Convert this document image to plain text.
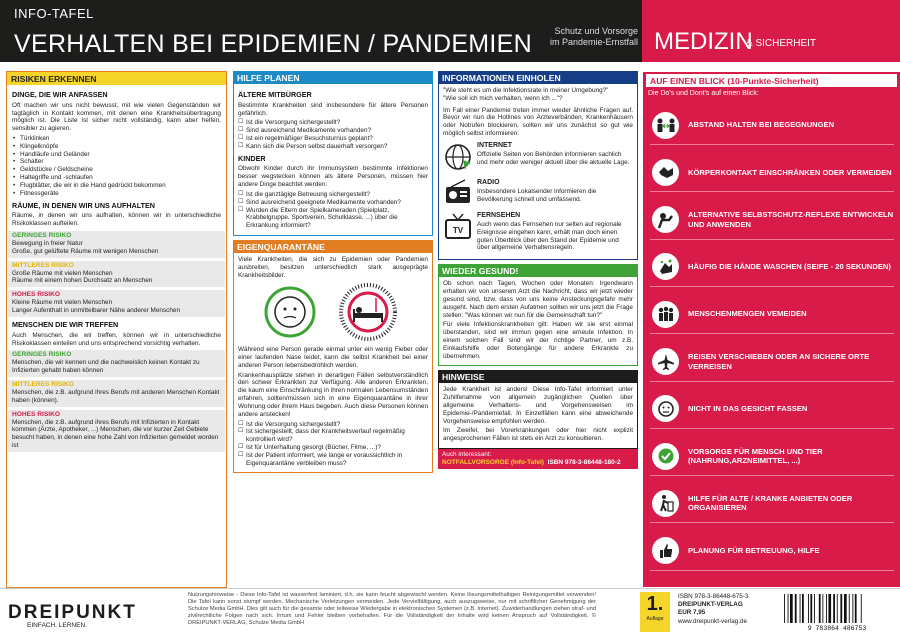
INFO-TAFEL
VERHALTEN BEI EPIDEMIEN / PANDEMIEN	Schutz und Vorsorge
im Pandemie-Ernstfall MEDIZIN
& SICHERHEIT
RISIKEN ERKENNEN
DINGE, DIE WIR ANFASSEN

Oft machen wir uns nicht bewusst, mit wie vielen Gegenständen wir tagtäglich in Kontakt kommen, mit denen eine Krankheitsübertragung möglich ist. Die Liste ist sicher nicht vollständig, kann aber helfen, sensibler zu agieren.

• Türklinken
• Klingelknöpfe
• Handläufe und Geländer
• Schalter
• Geldstücke / Geldscheine
• Haltegriffe und -schlaufen
• Flugblätter, die wir in die Hand gedrückt bekommen
• Fitnessgeräte
RÄUME, IN DENEN WIR UNS AUFHALTEN

Räume, in denen wir uns aufhalten, können wir in unterschiedliche Risikoklassen aufteilen.

GERINGES RISIKO
Bewegung in freier Natur
Große, gut gelüftete Räume mit wenigen Menschen
MITTLERES RISIKO
Große Räume mit vielen Menschen
Räume mit einem hohen Durchsatz an Menschen
HOHES RISIKO
Kleine Räume mit vielen Menschen
Langer Aufenthalt in unmittelbarer Nähe anderer Menschen
MENSCHEN DIE WIR TREFFEN

Auch Menschen, die wir treffen, können wir in unterschiedliche Risikoklassen einteilen und uns entsprechend vorsichtig verhalten.

GERINGES RISIKO
Menschen, die wir kennen und die nachweislich keinen Kontakt zu Infizierten gehabt haben können
MITTLERES RISIKO
Menschen, die z.B. aufgrund ihres Berufs mit anderen Menschen Kontakt haben (können).
HOHES RISIKO
Menschen, die z.B. aufgrund ihres Berufs mit Infizierten in Kontakt kommen (Ärzte, Apotheker, ...) Menschen, die vor kurzer Zeit Gebiete besucht haben, in denen eine hohe Zahl von Infizierten gemeldet worden ist
HILFE PLANEN
ÄLTERE MITBÜRGER

Bestimmte Krankheiten sind insbesondere für ältere Personen gefährlich.

☐ Ist die Versorgung sichergestellt?
☐ Sind ausreichend Medikamente vorhanden?
☐ Ist ein regelmäßiger Besuchsturnus geplant?
☐ Kann sich die Person selbst dauerhaft versorgen?
KINDER

Obwohl Kinder durch ihr Immunsystem bestimmte Infektionen besser wegstecken können als ältere Personen, müssen hier andere Dinge beachtet werden:

☐ Ist die ganztägige Betreuung sichergestellt?
☐ Sind ausreichend geeignete Medikamente vorhanden?
☐ Wurden die Eltern der Spielkameraden (Spielplatz, Krabbelgruppe, Sportverein, Schulklasse, ...) über die Erkrankung informiert?
EIGENQUARANTÄNE

Viele Krankheiten, die sich zu Epidemien oder Pandemien ausbreiten, besitzen unterschiedlich stark ausgeprägte Krankheitsbilder.

Während eine Person gerade einmal unter ein wenig Fieber oder einer laufenden Nase leidet, kann die selbst Krankheit bei einer anderen Person lebensbedrohlich werden.

Krankenhausplätze stehen in derartigen Fällen selbstverständlich den schwer Erkrankten zur Verfügung. Alle anderen Erkrankten, die kaum eine Einschränkung in ihren normalen Lebensumständen erfahren, sollten/müssen sich in eine Eigenquarantäne in ihrer Wohnung oder ihrem Haus begeben. Auch diese Personen können andere anstecken!

☐ Ist die Versorgung sichergestellt?
☐ Ist sichergestellt, dass der Krankheitsverlauf regelmäßig kontrolliert wird?
☐ Ist für Unterhaltung gesorgt (Bücher, Filme, ...)?
☐ Ist der Patient informiert, wie lange er voraussichtlich in Eigenquarantäne verbleiben muss?
INFORMATIONEN EINHOLEN
"Wie steht es um die Infektionsrate in meiner Umgebung?"
"Wie soll ich mich verhalten, wenn ich ..."?

Im Fall einer Pandemie treten immer wieder ähnliche Fragen auf. Bevor wir nun die Hotlines von Ärzteverbänden, Krankenhäusern oder Notrufen blockieren, sollten wir uns zunächst so gut wie möglich selbst informieren:

INTERNET
Offizielle Seiten von Behörden informieren sachlich und mehr oder weniger aktuell über die aktuelle Lage.
RADIO
Insbesondere Lokalsender informieren die Bevölkerung schnell und umfassend.
TV
FERNSEHEN
Auch wenn das Fernsehen nur selten auf regionale Ereignisse eingehen kann, erhält man doch einen guten Überblick über den Stand der Epidemie und über allgemeine Verhaltensregeln.
WIEDER GESUND!

Ob schon nach Tagen, Wochen oder Monaten: Irgendwann erhalten wir von unserem Arzt die Nachricht, dass wir jetzt wieder gesund sind, bzw. dass von uns keine Ansteckungsgefahr mehr ausgeht. Nach dem ersten Aufatmen sollten wir uns jetzt die Frage stellen: "Was können wir nun für die Gemeinschaft tun?"

Für viele Infektionskrankheiten gilt: Haben wir sie erst einmal überstanden, sind wir immun gegen eine erneute Infektion. In einem solchen Fall sind wir der richtige Partner, um z.B. Einkaufshilfe oder Botengänge für andere Erkrankte zu übernehmen.

HINWEISE

Jede Krankheit ist anders! Diese Info-Tafel informiert unter Zuhilfenahme von allgemein zugänglichen Quellen über allgemeine Verhaltens- und Vorgehensweisen im Epidemie-/Pandemiefall. In Einzelfällen kann eine abweichende Vorgehensweise empfohlen werden.

Im Zweifel, bei Vorerkrankungen oder hier nicht explizit angesprochenen Fällen ist stets ein Arzt zu konsultieren.

Auch interessant:
NOTFALLVORSORGE (Info-Tafel) ISBN 978-3-86448-180-2
AUF EINEN BLICK (10-Punkte-Sicherheit)
Die Do's und Dont's auf einen Blick:
ABSTAND HALTEN BEI BEGEGNUNGEN
KÖRPERKONTAKT EINSCHRÄNKEN ODER VERMEIDEN
ALTERNATIVE SELBSTSCHUTZ-REFLEXE ENTWICKELN UND ANWENDEN
HÄUFIG DIE HÄNDE WASCHEN (SEIFE - 20 SEKUNDEN)
MENSCHENMENGEN VEMEIDEN
REISEN VERSCHIEBEN ODER AN SICHERE ORTE VERREISEN
NICHT IN DAS GESICHT FASSEN
VORSORGE FÜR MENSCH UND TIER (NAHRUNG,ARZNEIMITTEL, ...)
HILFE FÜR ALTE / KRANKE ANBIETEN ODER ORGANISIEREN
PLANUNG FÜR BETREUUNG, HILFE
DREIPUNKT
EINFACH. LERNEN.
Nutzungshinweise - Diese Info-Tafel ist wasserfest laminiert, d.h. sie kann feucht abgewischt werden. Keine lösungsmittelhaltigen Reinigungsmittel verwenden! Die Tafel kann sonst stumpf werden. Mechanische Verletzungen vermeiden. Jede Vervielfältigung, auch auszugsweise, nur mit schriftlicher Genehmigung der Schulze Media GmbH. Dies gilt auch für die gesamte oder teilweise Wiedergabe in elektronischen Systemen (z.B. Internet). Zuwiderhandlungen ziehen straf- und zivilrechtliche Folgen nach sich. Irrtum und Fehler bleiben vorbehalten. Für die Vollständigkeit der Inhalte wird keinen Anspruch auf Vollständigkeit. © DREIPUNKT-VERLAG, Schulze Media GmbH
1.
Auflage
ISBN 978-3-86448-675-3
DREIPUNKT-VERLAG
EUR 7,95
www.dreipunkt-verlag.de
9 783864 486753
